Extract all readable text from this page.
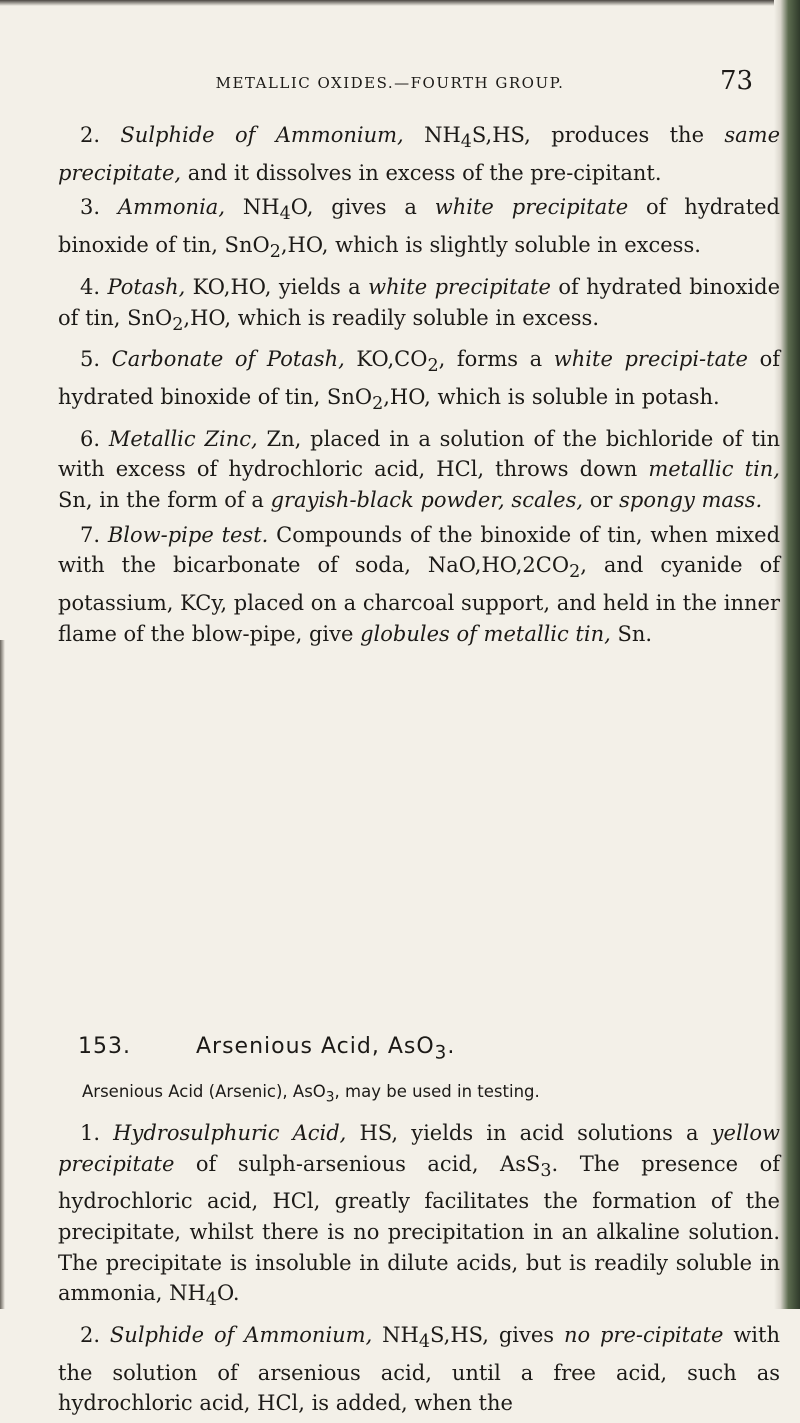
METALLIC OXIDES.—FOURTH GROUP.	73

2. Sulphide of Ammonium, $NH_4S,HS$, produces the same precipitate, and it dissolves in excess of the pre-cipitant.

3. Ammonia, $NH_4O$, gives a white precipitate of hydrated binoxide of tin, SnO$_2$,HO, which is slightly soluble in excess.

4. Potash, KO,HO, yields a white precipitate of hydrated binoxide of tin, SnO$_2$,HO, which is readily soluble in excess.

5. Carbonate of Potash, $KO,CO_2$, forms a white precipi-tate of hydrated binoxide of tin, SnO$_2$,HO, which is soluble in potash.

6. Metallic Zinc, Zn, placed in a solution of the bichloride of tin with excess of hydrochloric acid, HCl, throws down metallic tin, Sn, in the form of a grayish-black powder, scales, or spongy mass.

7. Blow-pipe test. Compounds of the binoxide of tin, when mixed with the bicarbonate of soda, $NaO,HO,2CO_2$, and cyanide of potassium, KCy, placed on a charcoal support, and held in the inner flame of the blow-pipe, give globules of metallic tin, Sn.

153.	Arsenious Acid, AsO$_3$.
Arsenious Acid (Arsenic), AsO$_3$, may be used in testing.

1. Hydrosulphuric Acid, HS, yields in acid solutions a yellow precipitate of sulph-arsenious acid, AsS$_3$. The presence of hydrochloric acid, HCl, greatly facilitates the formation of the precipitate, whilst there is no precipitation in an alkaline solution. The precipitate is insoluble in dilute acids, but is readily soluble in ammonia, $NH_4O$.

2. Sulphide of Ammonium, $NH_4S,HS$, gives no pre-cipitate with the solution of arsenious acid, until a free acid, such as hydrochloric acid, HCl, is added, when the
